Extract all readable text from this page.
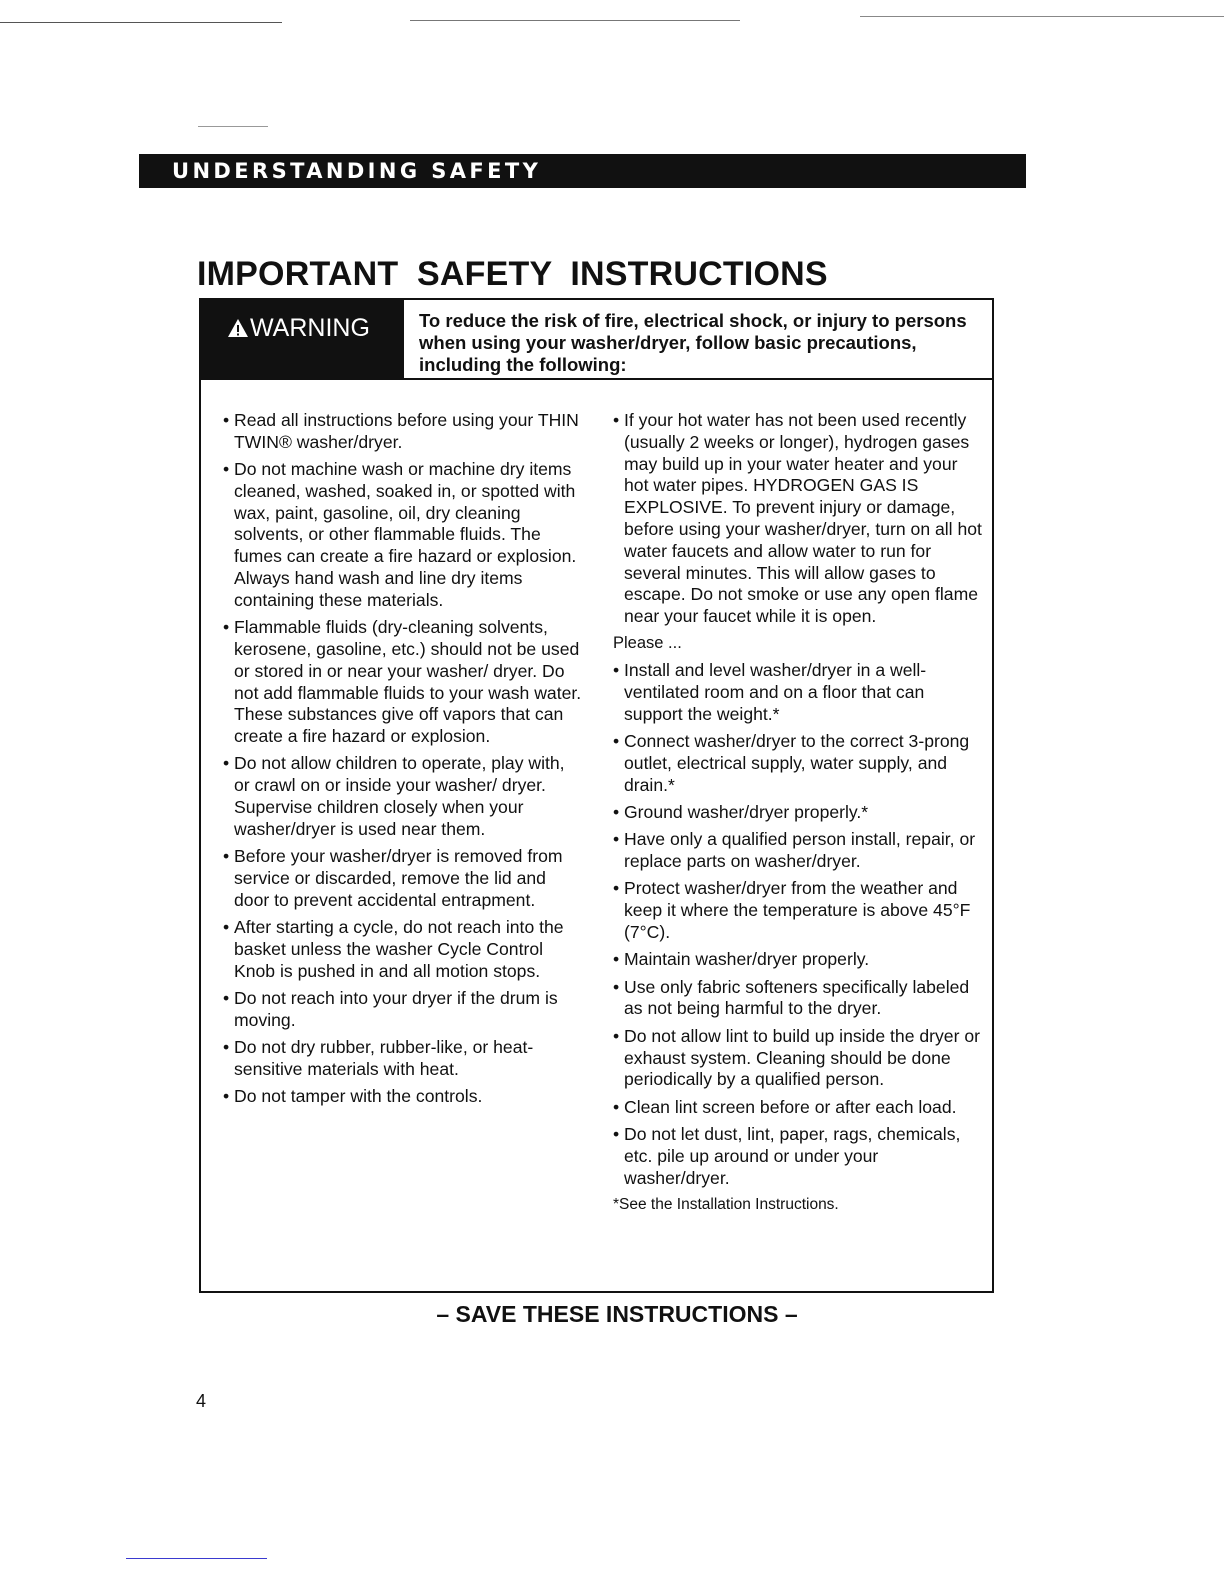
UNDERSTANDING SAFETY
IMPORTANT SAFETY INSTRUCTIONS
WARNING	To reduce the risk of fire, electrical shock, or injury to persons when using your washer/dryer, follow basic precautions, including the following:
• Read all instructions before using your THIN TWIN® washer/dryer.
• Do not machine wash or machine dry items cleaned, washed, soaked in, or spotted with wax, paint, gasoline, oil, dry cleaning solvents, or other flammable fluids. The fumes can create a fire hazard or explosion. Always hand wash and line dry items containing these materials.
• Flammable fluids (dry-cleaning solvents, kerosene, gasoline, etc.) should not be used or stored in or near your washer/ dryer. Do not add flammable fluids to your wash water. These substances give off vapors that can create a fire hazard or explosion.
• Do not allow children to operate, play with, or crawl on or inside your washer/ dryer. Supervise children closely when your washer/dryer is used near them.
• Before your washer/dryer is removed from service or discarded, remove the lid and door to prevent accidental entrapment.
• After starting a cycle, do not reach into the basket unless the washer Cycle Control Knob is pushed in and all motion stops.
• Do not reach into your dryer if the drum is moving.
• Do not dry rubber, rubber-like, or heat-sensitive materials with heat.
• Do not tamper with the controls.
• If your hot water has not been used recently (usually 2 weeks or longer), hydrogen gases may build up in your water heater and your hot water pipes. HYDROGEN GAS IS EXPLOSIVE. To prevent injury or damage, before using your washer/dryer, turn on all hot water faucets and allow water to run for several minutes. This will allow gases to escape. Do not smoke or use any open flame near your faucet while it is open.
Please ...
• Install and level washer/dryer in a well-ventilated room and on a floor that can support the weight.*
• Connect washer/dryer to the correct 3-prong outlet, electrical supply, water supply, and drain.*
• Ground washer/dryer properly.*
• Have only a qualified person install, repair, or replace parts on washer/dryer.
• Protect washer/dryer from the weather and keep it where the temperature is above 45°F (7°C).
• Maintain washer/dryer properly.
• Use only fabric softeners specifically labeled as not being harmful to the dryer.
• Do not allow lint to build up inside the dryer or exhaust system. Cleaning should be done periodically by a qualified person.
• Clean lint screen before or after each load.
• Do not let dust, lint, paper, rags, chemicals, etc. pile up around or under your washer/dryer.
*See the Installation Instructions.
– SAVE THESE INSTRUCTIONS –
4
